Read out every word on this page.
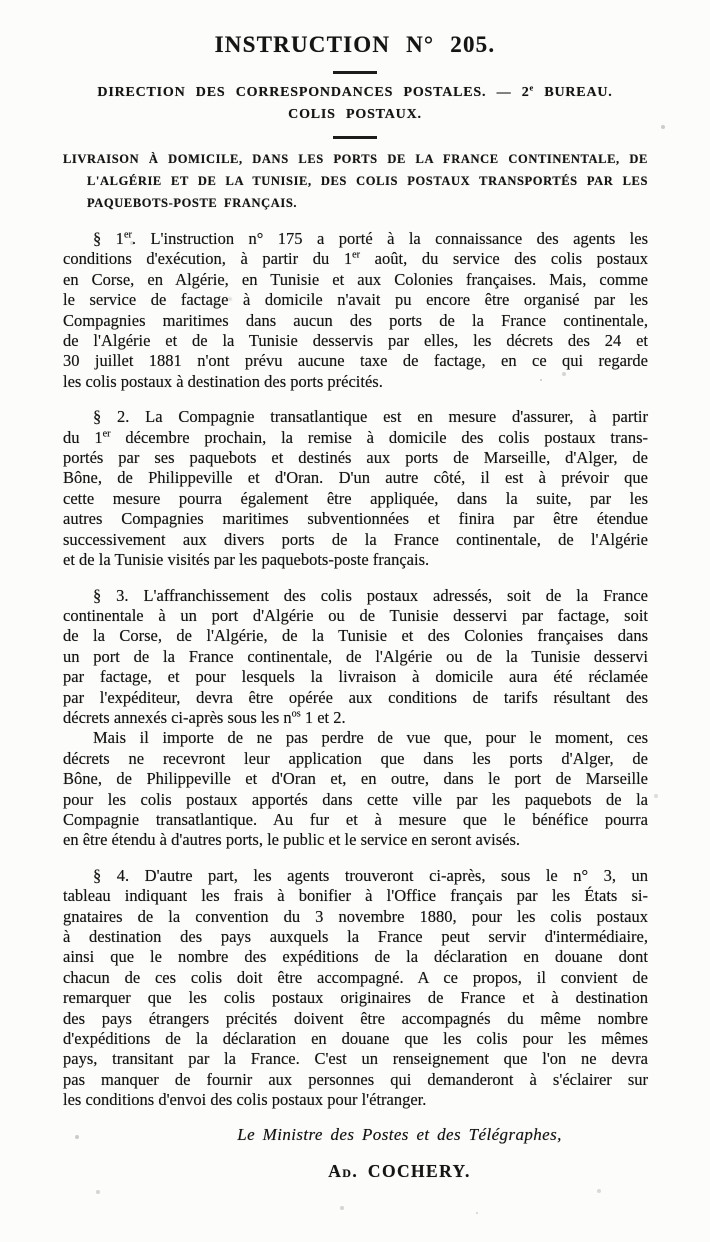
INSTRUCTION N° 205.
DIRECTION DES CORRESPONDANCES POSTALES. — 2e BUREAU.
COLIS POSTAUX.
LIVRAISON À DOMICILE, DANS LES PORTS DE LA FRANCE CONTINENTALE, DE
L'ALGÉRIE ET DE LA TUNISIE, DES COLIS POSTAUX TRANSPORTÉS PAR LES
PAQUEBOTS-POSTE FRANÇAIS.
§ 1er. L'instruction n° 175 a porté à la connaissance des agents les
conditions d'exécution, à partir du 1er août, du service des colis postaux
en Corse, en Algérie, en Tunisie et aux Colonies françaises. Mais, comme
le service de factage à domicile n'avait pu encore être organisé par les
Compagnies maritimes dans aucun des ports de la France continentale,
de l'Algérie et de la Tunisie desservis par elles, les décrets des 24 et
30 juillet 1881 n'ont prévu aucune taxe de factage, en ce qui regarde
les colis postaux à destination des ports précités.
§ 2. La Compagnie transatlantique est en mesure d'assurer, à partir
du 1er décembre prochain, la remise à domicile des colis postaux trans-
portés par ses paquebots et destinés aux ports de Marseille, d'Alger, de
Bône, de Philippeville et d'Oran. D'un autre côté, il est à prévoir que
cette mesure pourra également être appliquée, dans la suite, par les
autres Compagnies maritimes subventionnées et finira par être étendue
successivement aux divers ports de la France continentale, de l'Algérie
et de la Tunisie visités par les paquebots-poste français.
§ 3. L'affranchissement des colis postaux adressés, soit de la France
continentale à un port d'Algérie ou de Tunisie desservi par factage, soit
de la Corse, de l'Algérie, de la Tunisie et des Colonies françaises dans
un port de la France continentale, de l'Algérie ou de la Tunisie desservi
par factage, et pour lesquels la livraison à domicile aura été réclamée
par l'expéditeur, devra être opérée aux conditions de tarifs résultant des
décrets annexés ci-après sous les $n^{os}$ 1 et 2.
Mais il importe de ne pas perdre de vue que, pour le moment, ces
décrets ne recevront leur application que dans les ports d'Alger, de
Bône, de Philippeville et d'Oran et, en outre, dans le port de Marseille
pour les colis postaux apportés dans cette ville par les paquebots de la
Compagnie transatlantique. Au fur et à mesure que le bénéfice pourra
en être étendu à d'autres ports, le public et le service en seront avisés.
§ 4. D'autre part, les agents trouveront ci-après, sous le n° 3, un
tableau indiquant les frais à bonifier à l'Office français par les États si-
gnataires de la convention du 3 novembre 1880, pour les colis postaux
à destination des pays auxquels la France peut servir d'intermédiaire,
ainsi que le nombre des expéditions de la déclaration en douane dont
chacun de ces colis doit être accompagné. A ce propos, il convient de
remarquer que les colis postaux originaires de France et à destination
des pays étrangers précités doivent être accompagnés du même nombre
d'expéditions de la déclaration en douane que les colis pour les mêmes
pays, transitant par la France. C'est un renseignement que l'on ne devra
pas manquer de fournir aux personnes qui demanderont à s'éclairer sur
les conditions d'envoi des colis postaux pour l'étranger.
Le Ministre des Postes et des Télégraphes,
Ad. COCHERY.
